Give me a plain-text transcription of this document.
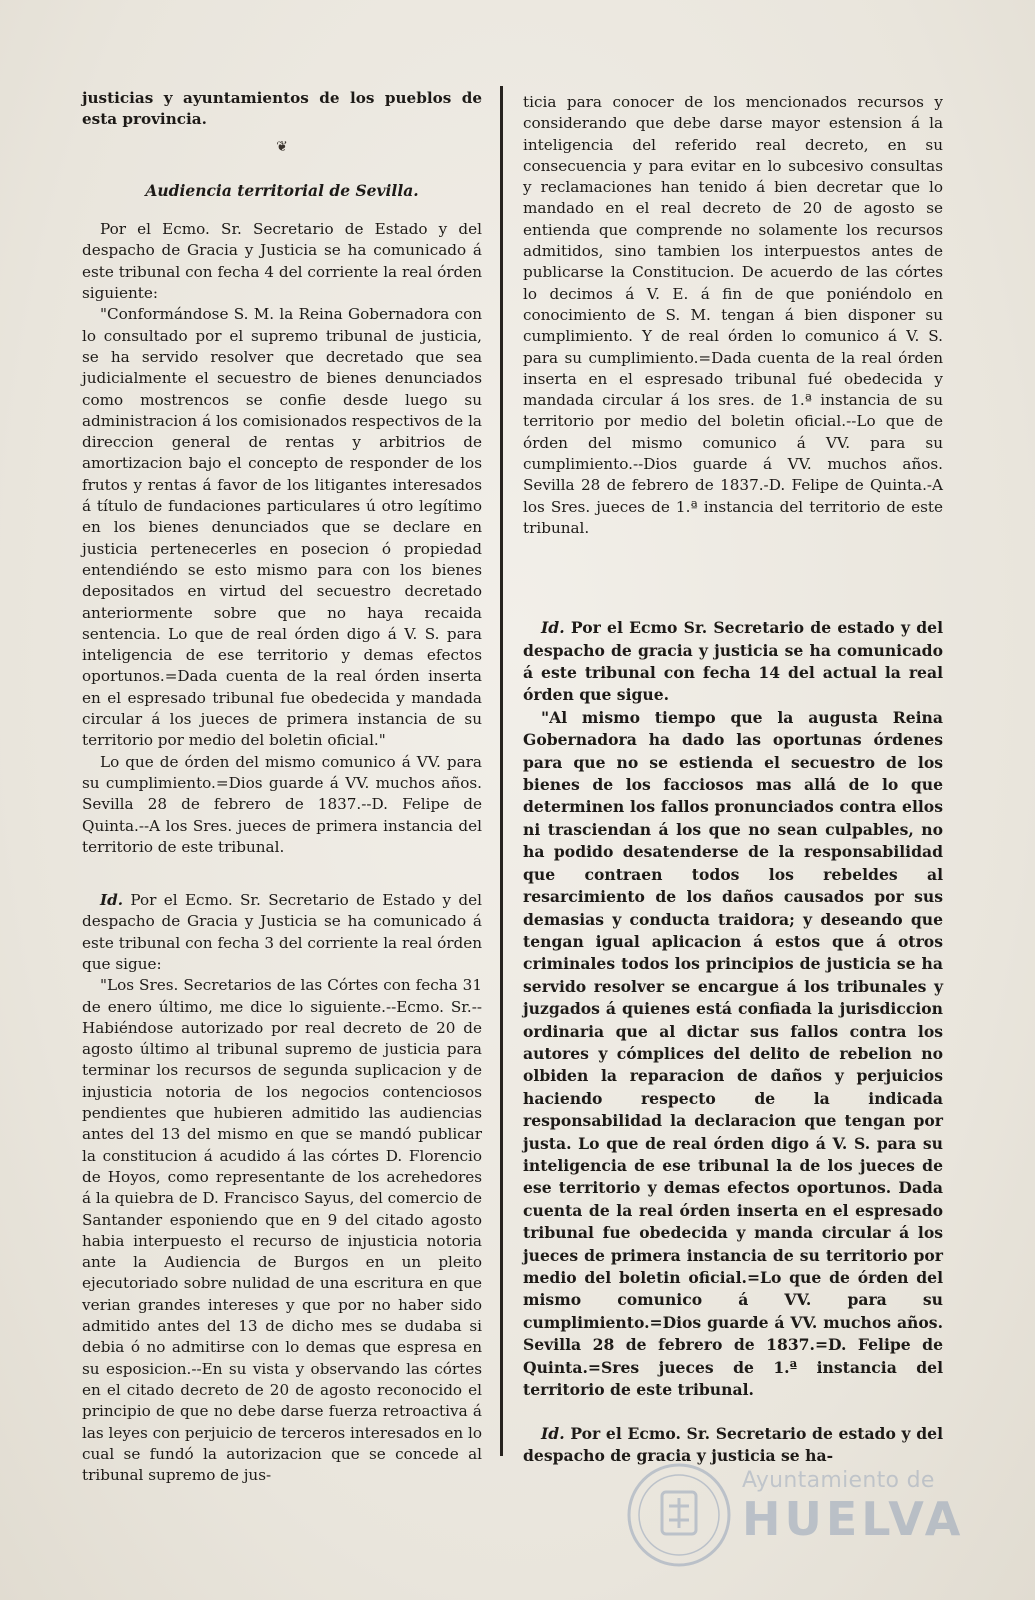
justicias y ayuntamientos de los pueblos de esta provincia.

❦
Audiencia territorial de Sevilla.

Por el Ecmo. Sr. Secretario de Estado y del despacho de Gracia y Justicia se ha comunicado á este tribunal con fecha 4 del corriente la real órden siguiente:

"Conformándose S. M. la Reina Gobernadora con lo consultado por el supremo tribunal de justicia, se ha servido resolver que decretado que sea judicialmente el secuestro de bienes denunciados como mostrencos se confie desde luego su administracion á los comisionados respectivos de la direccion general de rentas y arbitrios de amortizacion bajo el concepto de responder de los frutos y rentas á favor de los litigantes interesados á título de fundaciones particulares ú otro legítimo en los bienes denunciados que se declare en justicia pertenecerles en posecion ó propiedad entendiéndo se esto mismo para con los bienes depositados en virtud del secuestro decretado anteriormente sobre que no haya recaida sentencia. Lo que de real órden digo á V. S. para inteligencia de ese territorio y demas efectos oportunos.=Dada cuenta de la real órden inserta en el espresado tribunal fue obedecida y mandada circular á los jueces de primera instancia de su territorio por medio del boletin oficial."

Lo que de órden del mismo comunico á VV. para su cumplimiento.=Dios guarde á VV. muchos años. Sevilla 28 de febrero de 1837.--D. Felipe de Quinta.--A los Sres. jueces de primera instancia del territorio de este tribunal.

Id. Por el Ecmo. Sr. Secretario de Estado y del despacho de Gracia y Justicia se ha comunicado á este tribunal con fecha 3 del corriente la real órden que sigue:

"Los Sres. Secretarios de las Córtes con fecha 31 de enero último, me dice lo siguiente.--Ecmo. Sr.--Habiéndose autorizado por real decreto de 20 de agosto último al tribunal supremo de justicia para terminar los recursos de segunda suplicacion y de injusticia notoria de los negocios contenciosos pendientes que hubieren admitido las audiencias antes del 13 del mismo en que se mandó publicar la constitucion á acudido á las córtes D. Florencio de Hoyos, como representante de los acrehedores á la quiebra de D. Francisco Sayus, del comercio de Santander esponiendo que en 9 del citado agosto habia interpuesto el recurso de injusticia notoria ante la Audiencia de Burgos en un pleito ejecutoriado sobre nulidad de una escritura en que verian grandes intereses y que por no haber sido admitido antes del 13 de dicho mes se dudaba si debia ó no admitirse con lo demas que espresa en su esposicion.--En su vista y observando las córtes en el citado decreto de 20 de agosto reconocido el principio de que no debe darse fuerza retroactiva á las leyes con perjuicio de terceros interesados en lo cual se fundó la autorizacion que se concede al tribunal supremo de jus-

ticia para conocer de los mencionados recursos y considerando que debe darse mayor estension á la inteligencia del referido real decreto, en su consecuencia y para evitar en lo subcesivo consultas y reclamaciones han tenido á bien decretar que lo mandado en el real decreto de 20 de agosto se entienda que comprende no solamente los recursos admitidos, sino tambien los interpuestos antes de publicarse la Constitucion. De acuerdo de las córtes lo decimos á V. E. á fin de que poniéndolo en conocimiento de S. M. tengan á bien disponer su cumplimiento. Y de real órden lo comunico á V. S. para su cumplimiento.=Dada cuenta de la real órden inserta en el espresado tribunal fué obedecida y mandada circular á los sres. de 1.ª instancia de su territorio por medio del boletin oficial.--Lo que de órden del mismo comunico á VV. para su cumplimiento.--Dios guarde á VV. muchos años. Sevilla 28 de febrero de 1837.-D. Felipe de Quinta.-A los Sres. jueces de 1.ª instancia del territorio de este tribunal.

Id. Por el Ecmo Sr. Secretario de estado y del despacho de gracia y justicia se ha comunicado á este tribunal con fecha 14 del actual la real órden que sigue.

"Al mismo tiempo que la augusta Reina Gobernadora ha dado las oportunas órdenes para que no se estienda el secuestro de los bienes de los facciosos mas allá de lo que determinen los fallos pronunciados contra ellos ni trasciendan á los que no sean culpables, no ha podido desatenderse de la responsabilidad que contraen todos los rebeldes al resarcimiento de los daños causados por sus demasias y conducta traidora; y deseando que tengan igual aplicacion á estos que á otros criminales todos los principios de justicia se ha servido resolver se encargue á los tribunales y juzgados á quienes está confiada la jurisdiccion ordinaria que al dictar sus fallos contra los autores y cómplices del delito de rebelion no olbiden la reparacion de daños y perjuicios haciendo respecto de la indicada responsabilidad la declaracion que tengan por justa. Lo que de real órden digo á V. S. para su inteligencia de ese tribunal la de los jueces de ese territorio y demas efectos oportunos. Dada cuenta de la real órden inserta en el espresado tribunal fue obedecida y manda circular á los jueces de primera instancia de su territorio por medio del boletin oficial.=Lo que de órden del mismo comunico á VV. para su cumplimiento.=Dios guarde á VV. muchos años. Sevilla 28 de febrero de 1837.=D. Felipe de Quinta.=Sres jueces de 1.ª instancia del territorio de este tribunal.

Id. Por el Ecmo. Sr. Secretario de estado y del despacho de gracia y justicia se ha-

Ayuntamiento de
HUELVA
